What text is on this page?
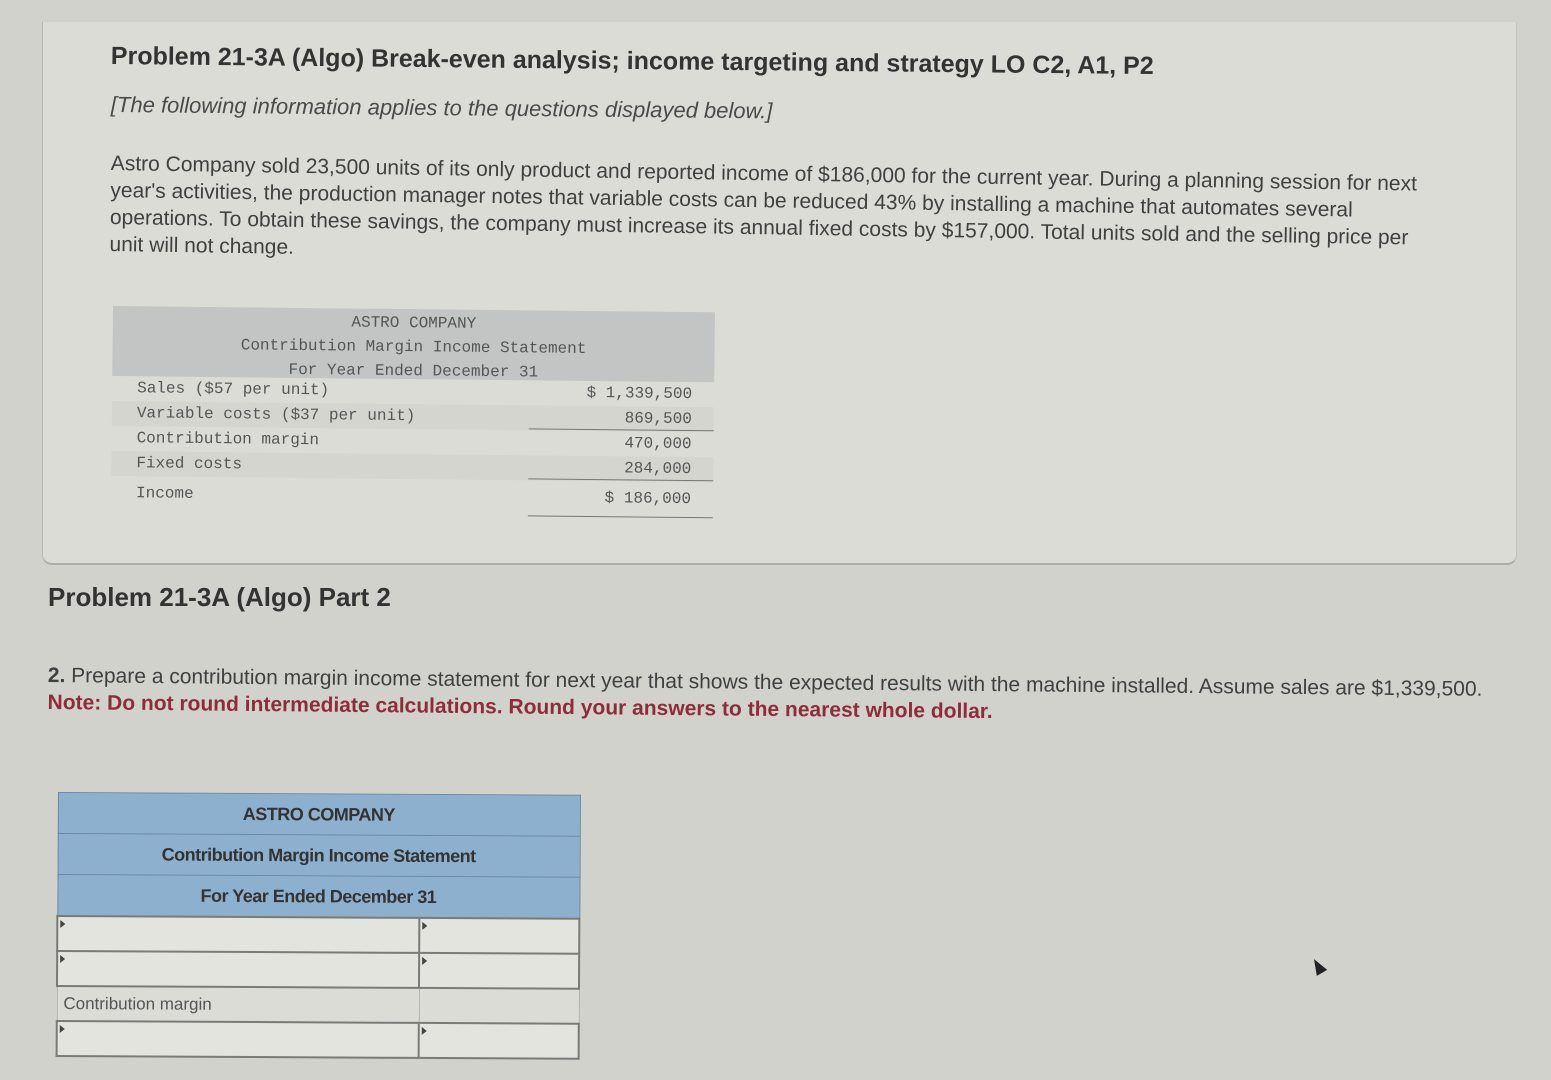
Problem 21-3A (Algo) Break-even analysis; income targeting and strategy LO C2, A1, P2
[The following information applies to the questions displayed below.]
Astro Company sold 23,500 units of its only product and reported income of $186,000 for the current year. During a planning session for next year's activities, the production manager notes that variable costs can be reduced 43% by installing a machine that automates several operations. To obtain these savings, the company must increase its annual fixed costs by $157,000. Total units sold and the selling price per unit will not change.
ASTRO COMPANY
Contribution Margin Income Statement
For Year Ended December 31
Sales ($57 per unit)	$ 1,339,500
Variable costs ($37 per unit)	869,500
Contribution margin	470,000
Fixed costs	284,000
Income	$ 186,000
Problem 21-3A (Algo) Part 2
2. Prepare a contribution margin income statement for next year that shows the expected results with the machine installed. Assume sales are $1,339,500.
Note: Do not round intermediate calculations. Round your answers to the nearest whole dollar.
ASTRO COMPANY	
Contribution Margin Income Statement	
For Year Ended December 31	

Contribution margin	
